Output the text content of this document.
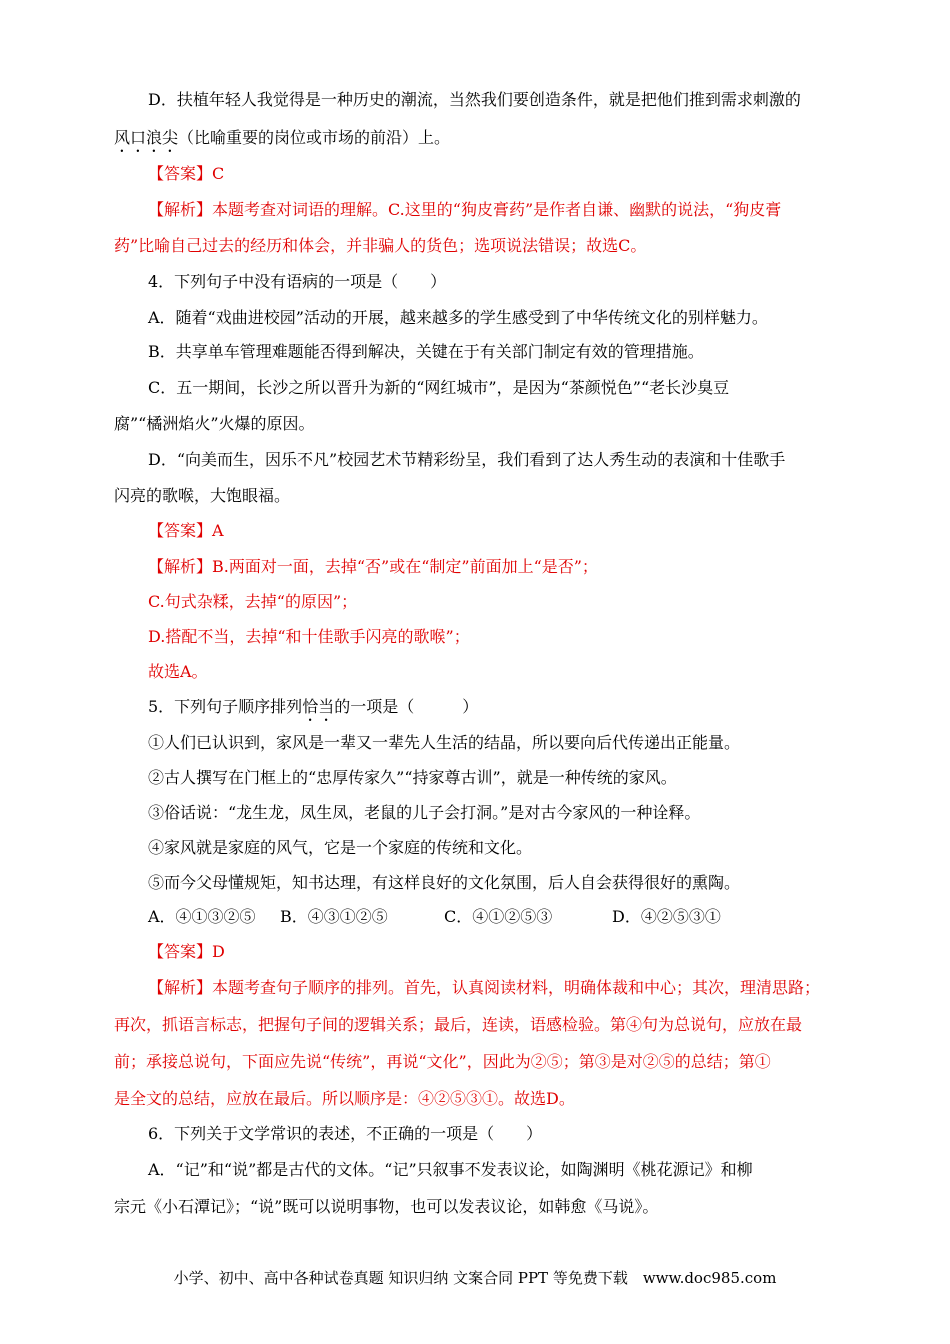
D．扶植年轻人我觉得是一种历史的潮流，当然我们要创造条件，就是把他们推到需求刺激的
风口浪尖（比喻重要的岗位或市场的前沿）上。
【答案】C
【解析】本题考查对词语的理解。C.这里的“狗皮膏药”是作者自谦、幽默的说法，“狗皮膏
药”比喻自己过去的经历和体会，并非骗人的货色；选项说法错误；故选C。
4．下列句子中没有语病的一项是（　　）
A．随着“戏曲进校园”活动的开展，越来越多的学生感受到了中华传统文化的别样魅力。
B．共享单车管理难题能否得到解决，关键在于有关部门制定有效的管理措施。
C．五一期间，长沙之所以晋升为新的“网红城市”，是因为“茶颜悦色”“老长沙臭豆
腐”“橘洲焰火”火爆的原因。
D．“向美而生，因乐不凡”校园艺术节精彩纷呈，我们看到了达人秀生动的表演和十佳歌手
闪亮的歌喉，大饱眼福。
【答案】A
【解析】B.两面对一面，去掉“否”或在“制定”前面加上“是否”；
C.句式杂糅，去掉“的原因”；
D.搭配不当，去掉“和十佳歌手闪亮的歌喉”；
故选A。
5．下列句子顺序排列恰当的一项是（　　　）
①人们已认识到，家风是一辈又一辈先人生活的结晶，所以要向后代传递出正能量。
②古人撰写在门框上的“忠厚传家久”“持家尊古训”，就是一种传统的家风。
③俗话说：“龙生龙，凤生凤，老鼠的儿子会打洞。”是对古今家风的一种诠释。
④家风就是家庭的风气，它是一个家庭的传统和文化。
⑤而今父母懂规矩，知书达理，有这样良好的文化氛围，后人自会获得很好的熏陶。
A．④①③②⑤ B．④③①②⑤	C．④①②⑤③	D．④②⑤③①
【答案】D
【解析】本题考查句子顺序的排列。首先，认真阅读材料，明确体裁和中心；其次，理清思路；
再次，抓语言标志，把握句子间的逻辑关系；最后，连读，语感检验。第④句为总说句，应放在最
前；承接总说句，下面应先说“传统”，再说“文化”，因此为②⑤；第③是对②⑤的总结；第①
是全文的总结，应放在最后。所以顺序是：④②⑤③①。故选D。
6．下列关于文学常识的表述，不正确的一项是（　　）
A．“记”和“说”都是古代的文体。“记”只叙事不发表议论，如陶渊明《桃花源记》和柳
宗元《小石潭记》；“说”既可以说明事物，也可以发表议论，如韩愈《马说》。
小学、初中、高中各种试卷真题 知识归纳 文案合同 PPT 等免费下载　www.doc985.com
